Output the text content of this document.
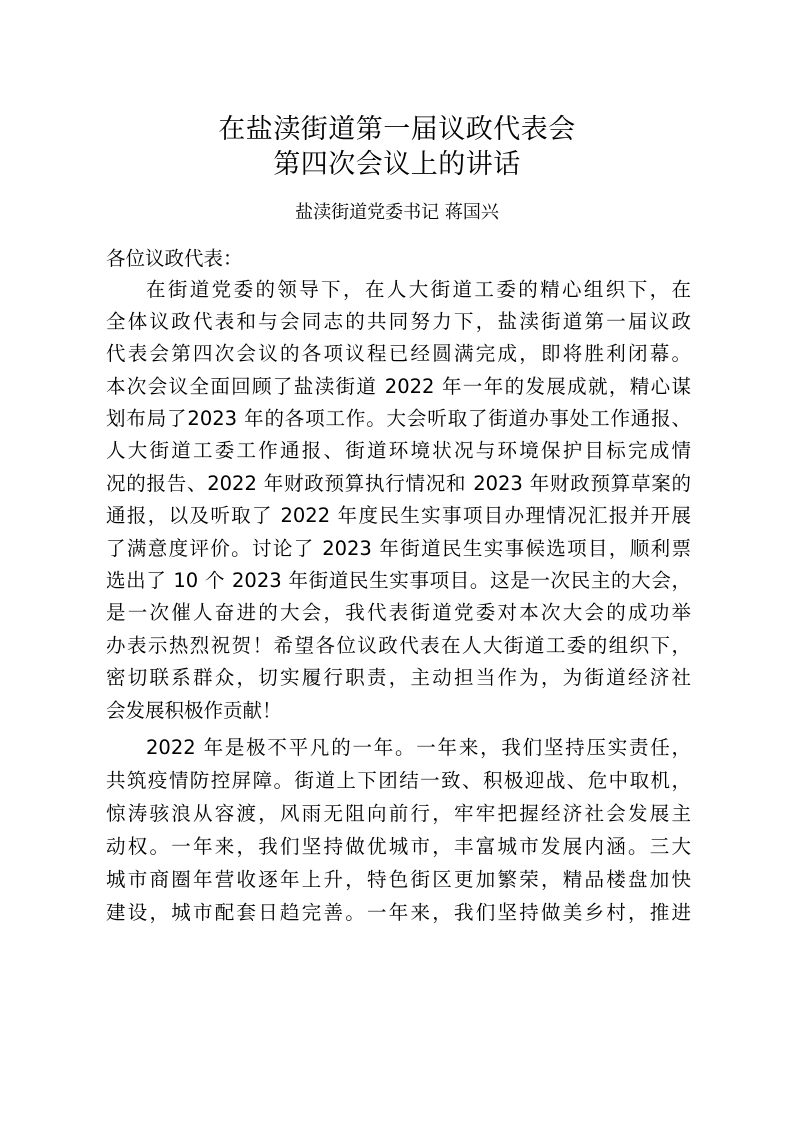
在盐渎街道第一届议政代表会
第四次会议上的讲话
盐渎街道党委书记 蒋国兴
各位议政代表：
在街道党委的领导下，在人大街道工委的精心组织下，在
全体议政代表和与会同志的共同努力下，盐渎街道第一届议政
代表会第四次会议的各项议程已经圆满完成，即将胜利闭幕。
本次会议全面回顾了盐渎街道 2022 年一年的发展成就，精心谋
划布局了2023 年的各项工作。大会听取了街道办事处工作通报、
人大街道工委工作通报、街道环境状况与环境保护目标完成情
况的报告、2022 年财政预算执行情况和 2023 年财政预算草案的
通报，以及听取了 2022 年度民生实事项目办理情况汇报并开展
了满意度评价。讨论了 2023 年街道民生实事候选项目，顺利票
选出了 10 个 2023 年街道民生实事项目。这是一次民主的大会，
是一次催人奋进的大会，我代表街道党委对本次大会的成功举
办表示热烈祝贺！希望各位议政代表在人大街道工委的组织下，
密切联系群众，切实履行职责，主动担当作为，为街道经济社
会发展积极作贡献！
2022 年是极不平凡的一年。一年来，我们坚持压实责任，
共筑疫情防控屏障。街道上下团结一致、积极迎战、危中取机，
惊涛骇浪从容渡，风雨无阻向前行，牢牢把握经济社会发展主
动权。一年来，我们坚持做优城市，丰富城市发展内涵。三大
城市商圈年营收逐年上升，特色街区更加繁荣，精品楼盘加快
建设，城市配套日趋完善。一年来，我们坚持做美乡村，推进
